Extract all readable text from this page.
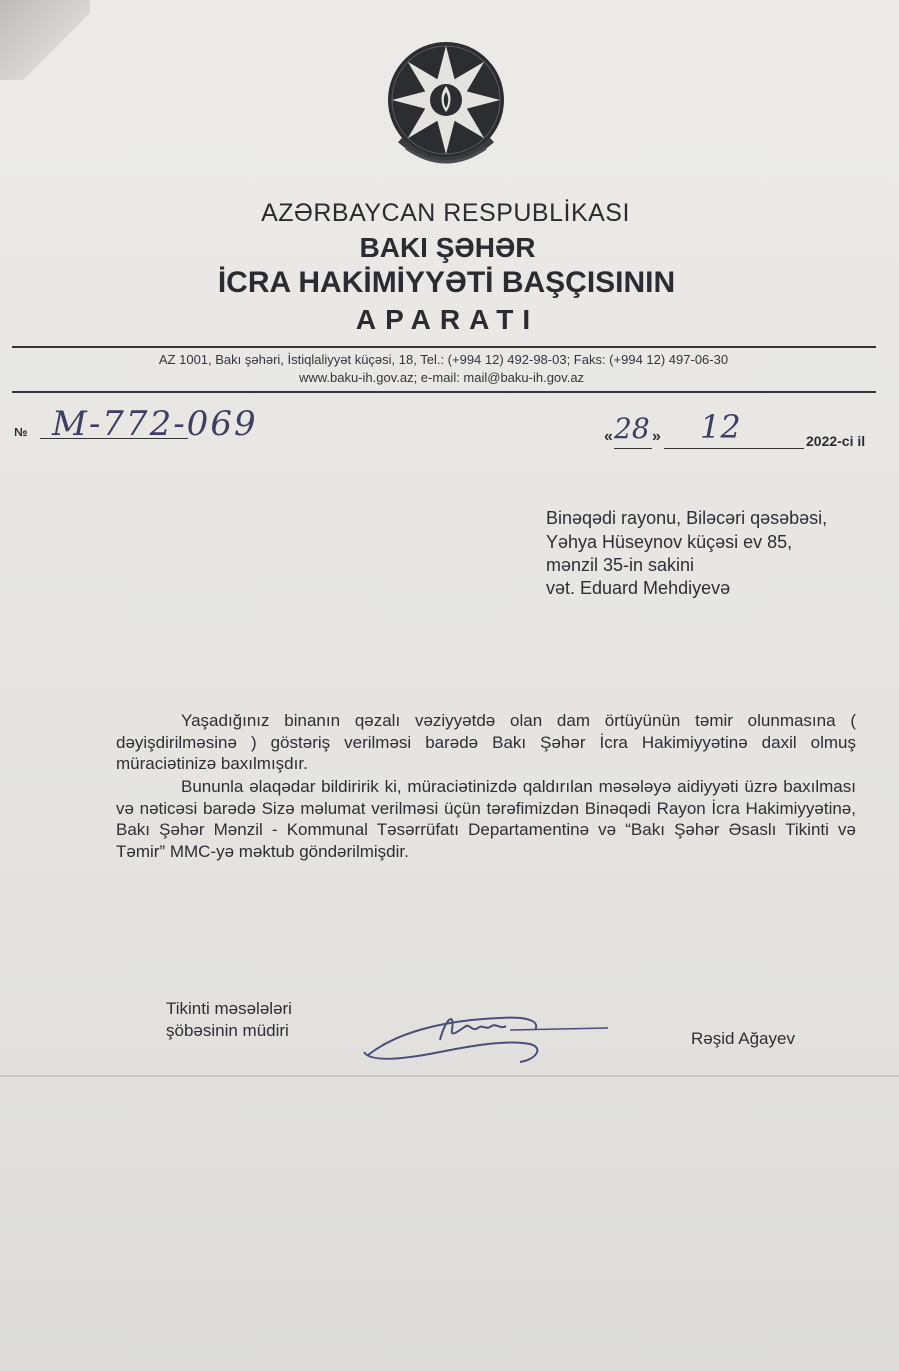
AZƏRBAYCAN RESPUBLİKASI
BAKI ŞƏHƏR
İCRA HAKİMİYYƏTİ BAŞÇISININ
APARATI
AZ 1001, Bakı şəhəri, İstiqlaliyyət küçəsi, 18, Tel.: (+994 12) 492-98-03; Faks: (+994 12) 497-06-30
www.baku-ih.gov.az; e-mail: mail@baku-ih.gov.az
№ M-772-069	« 28 » 12	2022-ci il
Binəqədi rayonu, Biləcəri qəsəbəsi,
Yəhya Hüseynov küçəsi ev 85,
mənzil 35-in sakini
vət. Eduard Mehdiyevə
Yaşadığınız binanın qəzalı vəziyyətdə olan dam örtüyünün təmir olunmasına ( dəyişdirilməsinə ) göstəriş verilməsi barədə Bakı Şəhər İcra Hakimiyyətinə daxil olmuş müraciətinizə baxılmışdır.
Bununla əlaqədar bildiririk ki, müraciətinizdə qaldırılan məsələyə aidiyyəti üzrə baxılması və nəticəsi barədə Sizə məlumat verilməsi üçün tərəfimizdən Binəqədi Rayon İcra Hakimiyyətinə, Bakı Şəhər Mənzil - Kommunal Təsərrüfatı Departamentinə və “Bakı Şəhər Əsaslı Tikinti və Təmir” MMC-yə məktub göndərilmişdir.
Tikinti məsələləri
şöbəsinin müdiri	Rəşid Ağayev
